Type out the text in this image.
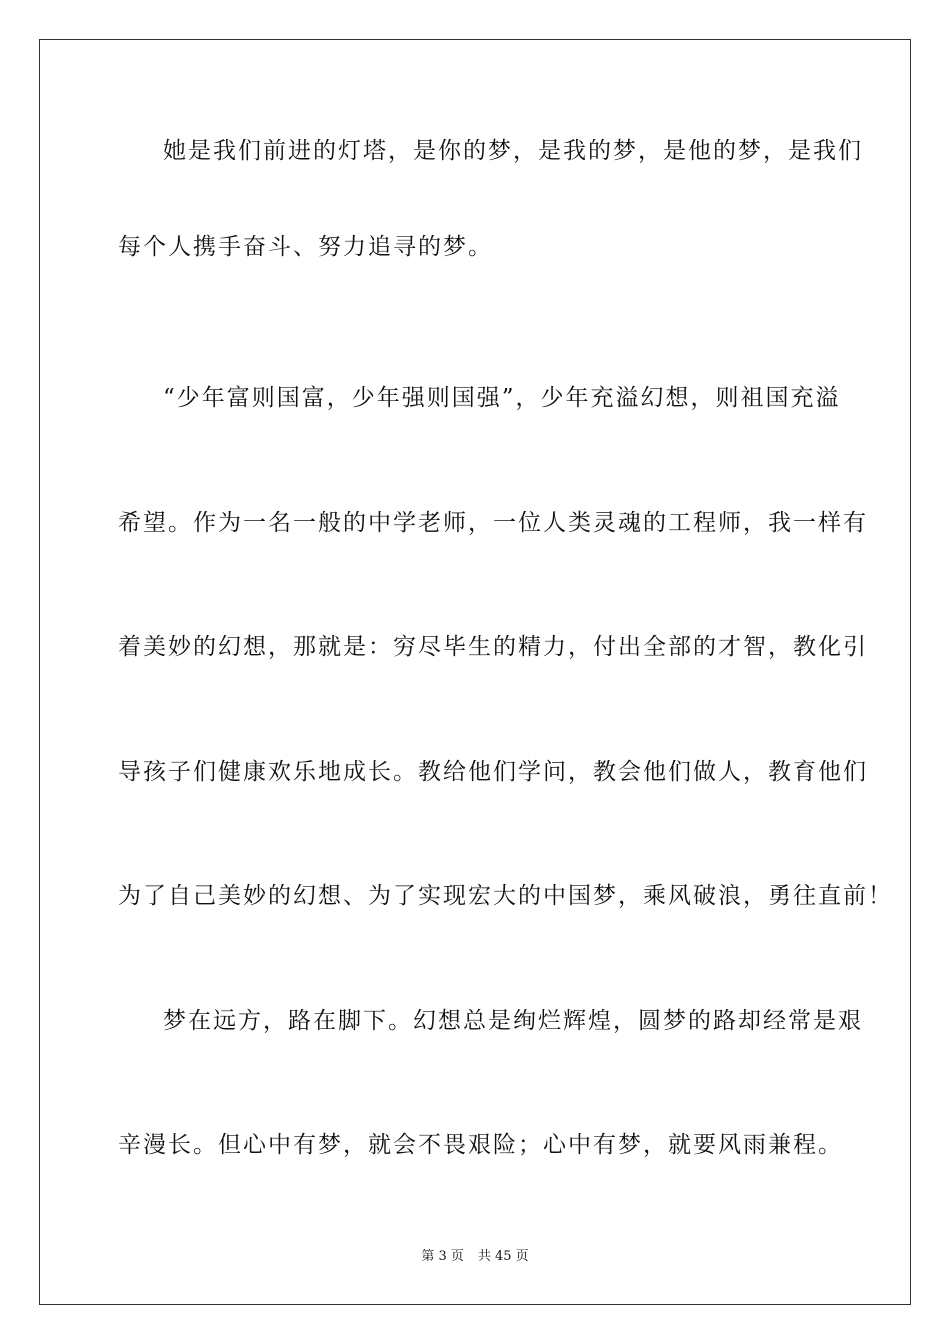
她是我们前进的灯塔，是你的梦，是我的梦，是他的梦，是我们
每个人携手奋斗、努力追寻的梦。
“少年富则国富，少年强则国强”，少年充溢幻想，则祖国充溢
希望。作为一名一般的中学老师，一位人类灵魂的工程师，我一样有
着美妙的幻想，那就是：穷尽毕生的精力，付出全部的才智，教化引
导孩子们健康欢乐地成长。教给他们学问，教会他们做人，教育他们
为了自己美妙的幻想、为了实现宏大的中国梦，乘风破浪，勇往直前！
梦在远方，路在脚下。幻想总是绚烂辉煌，圆梦的路却经常是艰
辛漫长。但心中有梦，就会不畏艰险；心中有梦，就要风雨兼程。
第 3 页 共 45 页
